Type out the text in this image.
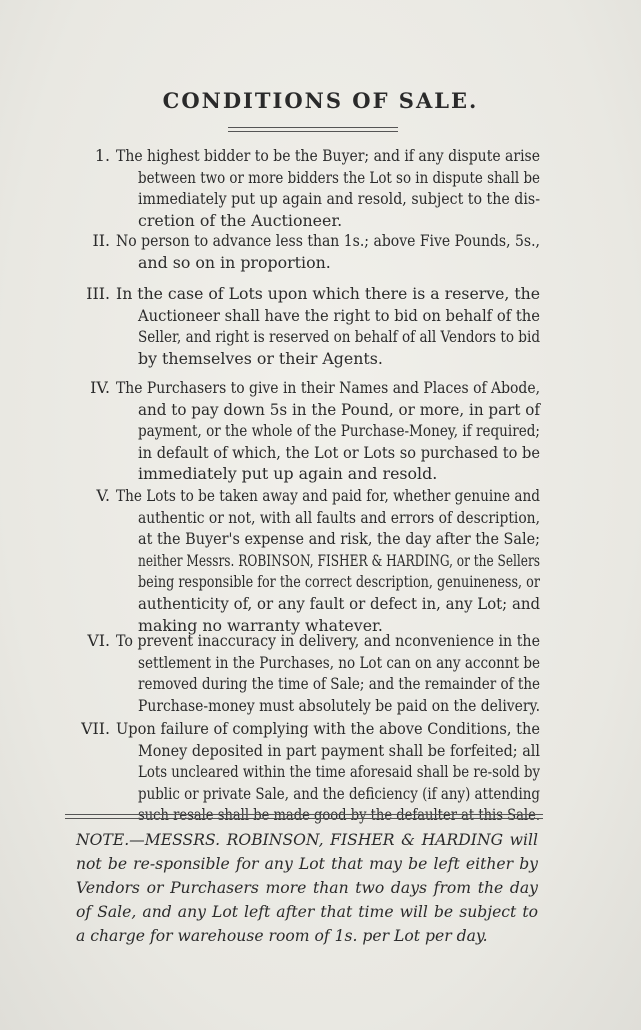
CONDITIONS OF SALE.
1. The highest bidder to be the Buyer; and if any dispute arise
between two or more bidders the Lot so in dispute shall be
immediately put up again and resold, subject to the dis-
cretion of the Auctioneer.
II. No person to advance less than 1s.; above Five Pounds, 5s.,
and so on in proportion.
III. In the case of Lots upon which there is a reserve, the
Auctioneer shall have the right to bid on behalf of the
Seller, and right is reserved on behalf of all Vendors to bid
by themselves or their Agents.
IV. The Purchasers to give in their Names and Places of Abode,
and to pay down 5s in the Pound, or more, in part of
payment, or the whole of the Purchase-Money, if required;
in default of which, the Lot or Lots so purchased to be
immediately put up again and resold.
V. The Lots to be taken away and paid for, whether genuine and
authentic or not, with all faults and errors of description,
at the Buyer's expense and risk, the day after the Sale;
neither Messrs. ROBINSON, FISHER & HARDING, or the Sellers
being responsible for the correct description, genuineness, or
authenticity of, or any fault or defect in, any Lot; and
making no warranty whatever.
VI. To prevent inaccuracy in delivery, and nconvenience in the
settlement in the Purchases, no Lot can on any acconnt be
removed during the time of Sale; and the remainder of the
Purchase-money must absolutely be paid on the delivery.
VII. Upon failure of complying with the above Conditions, the
Money deposited in part payment shall be forfeited; all
Lots uncleared within the time aforesaid shall be re-sold by
public or private Sale, and the deficiency (if any) attending
such resale shall be made good by the defaulter at this Sale.
NOTE.—MESSRS. ROBINSON, FISHER & HARDING will not be re-sponsible for any Lot that may be left either by Vendors or Purchasers more than two days from the day of Sale, and any Lot left after that time will be subject to a charge for warehouse room of 1s. per Lot per day.
